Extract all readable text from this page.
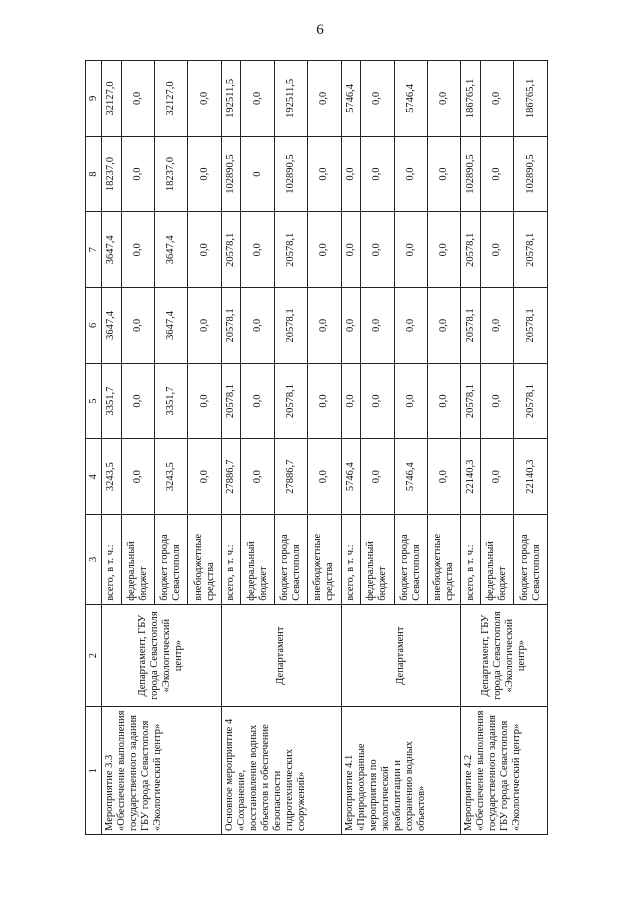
6
1	2	3	4	5	6	7	8	9
Мероприятие 3.3 «Обеспечение выполнения государственного задания ГБУ города Севастополя «Экологический центр»	Департамент, ГБУ города Севастополя «Экологический центр»	всего, в т. ч.:	3243,5	3351,7	3647,4	3647,4	18237,0	32127,0
		федеральный бюджет	0,0	0,0	0,0	0,0	0,0	0,0
		бюджет города Севастополя	3243,5	3351,7	3647,4	3647,4	18237,0	32127,0
		внебюджетные средства	0,0	0,0	0,0	0,0	0,0	0,0
Основное мероприятие 4 «Сохранение, восстановление водных объектов и обеспечение безопасности гидротехнических сооружений»	Департамент	всего, в т. ч.:	27886,7	20578,1	20578,1	20578,1	102890,5	192511,5
		федеральный бюджет	0,0	0,0	0,0	0,0	0	0,0
		бюджет города Севастополя	27886,7	20578,1	20578,1	20578,1	102890,5	192511,5
		внебюджетные средства	0,0	0,0	0,0	0,0	0,0	0,0
Мероприятие 4.1 «Природоохранные мероприятия по экологической реабилитации и сохранению водных объектов»	Департамент	всего, в т. ч.:	5746,4	0,0	0,0	0,0	0,0	5746,4
		федеральный бюджет	0,0	0,0	0,0	0,0	0,0	0,0
		бюджет города Севастополя	5746,4	0,0	0,0	0,0	0,0	5746,4
		внебюджетные средства	0,0	0,0	0,0	0,0	0,0	0,0
Мероприятие 4.2 «Обеспечение выполнения государственного задания ГБУ города Севастополя «Экологический центр»	Департамент, ГБУ города Севастополя «Экологический центр»	всего, в т. ч.:	22140,3	20578,1	20578,1	20578,1	102890,5	186765,1
		федеральный бюджет	0,0	0,0	0,0	0,0	0,0	0,0
		бюджет города Севастополя	22140,3	20578,1	20578,1	20578,1	102890,5	186765,1
